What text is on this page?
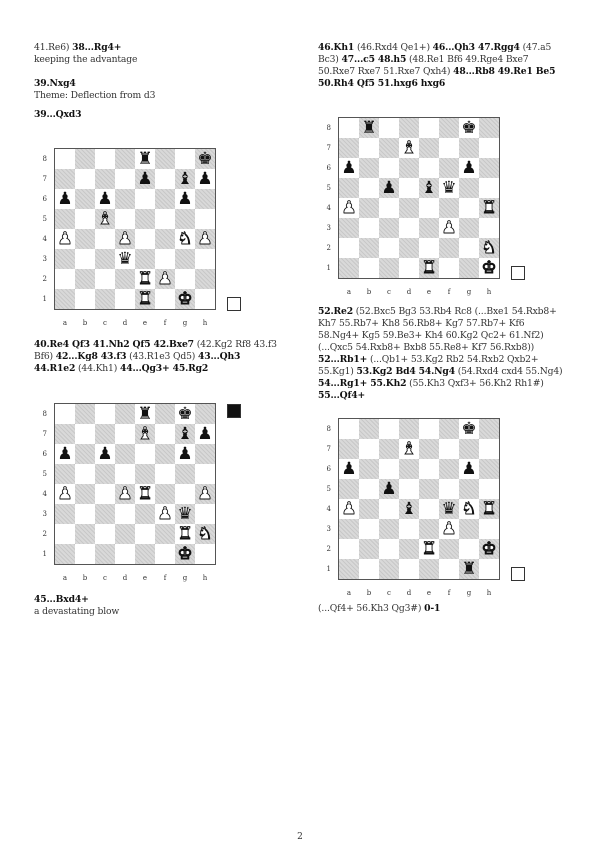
41.Re6) 38...Rg4+
keeping the advantage
39.Nxg4
Theme: Deflection from d3
39...Qxd3
♜	♚
♟ ♝ ♟
♟ ♟	♟
♝
♟	♟	♞ ♟
♛
♜ ♟
♜ ♚
8
7
6
5
4
3
2
1
a	b	c	d	e	f	g	h
40.Re4 Qf3 41.Nh2 Qf5 42.Bxe7 (42.Kg2 Rf8 43.f3 Bf6) 42...Kg8 43.f3 (43.R1e3 Qd5) 43...Qh3 44.R1e2 (44.Kh1) 44...Qg3+ 45.Rg2
♜ ♚
♝ ♝ ♟
♟ ♟	♟
♟	♟ ♜	♟
♟ ♛
♜ ♞
♚
8
7
6
5
4
3
2
1
a	b	c	d	e	f	g	h
45...Bxd4+
a devastating blow
46.Kh1 (46.Rxd4 Qe1+) 46...Qh3 47.Rgg4 (47.a5 Bc3) 47...c5 48.h5 (48.Re1 Bf6 49.Rge4 Bxe7 50.Rxe7 Rxe7 51.Rxe7 Qxh4) 48...Rb8 49.Re1 Be5 50.Rh4 Qf5 51.hxg6 hxg6
♜	♚
♝
♟	♟
♟ ♝ ♛
♟	♜
♟
♞
♜	♚
8
7
6
5
4
3
2
1
a	b	c	d	e	f	g	h
52.Re2 (52.Bxc5 Bg3 53.Rb4 Rc8 (...Bxe1 54.Rxb8+ Kh7 55.Rb7+ Kh8 56.Rb8+ Kg7 57.Rb7+ Kf6 58.Ng4+ Kg5 59.Be3+ Kh4 60.Kg2 Qc2+ 61.Nf2) (...Qxc5 54.Rxb8+ Bxb8 55.Re8+ Kf7 56.Rxb8)) 52...Rb1+ (...Qb1+ 53.Kg2 Rb2 54.Rxb2 Qxb2+ 55.Kg1) 53.Kg2 Bd4 54.Ng4 (54.Rxd4 cxd4 55.Ng4) 54...Rg1+ 55.Kh2 (55.Kh3 Qxf3+ 56.Kh2 Rh1#) 55...Qf4+
♚
♝
♟	♟
♟
♟	♝ ♛ ♞ ♜
♟
♜	♚
♜
8
7
6
5
4
3
2
1
a	b	c	d	e	f	g	h
(...Qf4+ 56.Kh3 Qg3#) 0-1
2
